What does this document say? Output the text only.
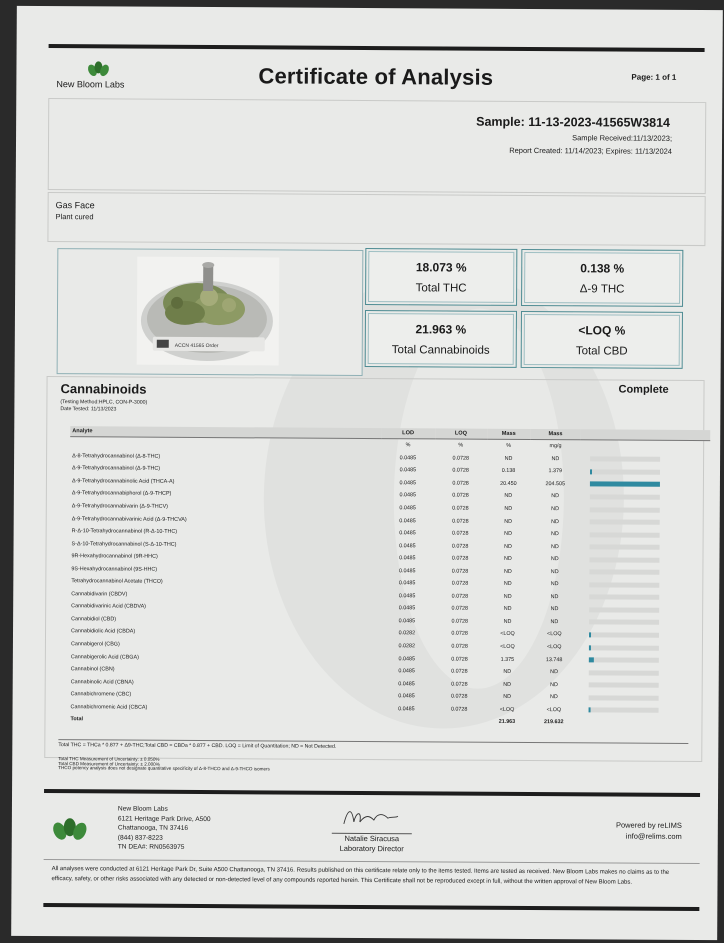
New Bloom Labs	Certificate of Analysis	Page: 1 of 1
Sample: 11-13-2023-41565W3814
Sample Received:11/13/2023;
Report Created: 11/14/2023; Expires: 11/13/2024
Gas Face
Plant cured
ACCN 41565 Order
18.073 %
Total THC
0.138 %
Δ-9 THC
21.963 %
Total Cannabinoids
<LOQ %
Total CBD
Cannabinoids	Complete
(Testing Method:HPLC, CON-P-3000)
Date Tested: 11/13/2023
Analyte	LOD	LOQ	Mass	Mass	
	%	%	%	mg/g	
Δ-8-Tetrahydrocannabinol (Δ-8-THC)	0.0485	0.0728	ND	ND	

Δ-9-Tetrahydrocannabinol (Δ-9-THC)	0.0485	0.0728	0.138	1.379	

Δ-9-Tetrahydrocannabinolic Acid (THCA-A)	0.0485	0.0728	20.450	204.505	

Δ-9-Tetrahydrocannabiphorol (Δ-9-THCP)	0.0485	0.0728	ND	ND	

Δ-9-Tetrahydrocannabivarin (Δ-9-THCV)	0.0485	0.0728	ND	ND	

Δ-9-Tetrahydrocannabivarinic Acid (Δ-9-THCVA)	0.0485	0.0728	ND	ND	

R-Δ-10-Tetrahydrocannabinol (R-Δ-10-THC)	0.0485	0.0728	ND	ND	

S-Δ-10-Tetrahydrocannabinol (S-Δ-10-THC)	0.0485	0.0728	ND	ND	

9R-Hexahydrocannabinol (9R-HHC)	0.0485	0.0728	ND	ND	

9S-Hexahydrocannabinol (9S-HHC)	0.0485	0.0728	ND	ND	

Tetrahydrocannabinol Acetate (THCO)	0.0485	0.0728	ND	ND	

Cannabidivarin (CBDV)	0.0485	0.0728	ND	ND	

Cannabidivarinic Acid (CBDVA)	0.0485	0.0728	ND	ND	

Cannabidiol (CBD)	0.0485	0.0728	ND	ND	

Cannabidiolic Acid (CBDA)	0.0282	0.0728	<LOQ	<LOQ	

Cannabigerol (CBG)	0.0282	0.0728	<LOQ	<LOQ	

Cannabigerolic Acid (CBGA)	0.0485	0.0728	1.375	13.748	

Cannabinol (CBN)	0.0485	0.0728	ND	ND	

Cannabinolic Acid (CBNA)	0.0485	0.0728	ND	ND	

Cannabichromene (CBC)	0.0485	0.0728	ND	ND	

Cannabichromenic Acid (CBCA)	0.0485	0.0728	<LOQ	<LOQ	

Total			21.963	219.632	
Total THC = THCa * 0.877 + Δ9-THC;Total CBD = CBDa * 0.877 + CBD. LOQ = Limit of Quantitation; ND = Not Detected.
Total THC Measurement of Uncertainty: ± 0.050%
Total CBD Measurement of Uncertainty: ± 2.000%
THCO potency analysis does not designate quantitative specificity of Δ-8-THCO and Δ-9-THCO isomers
New Bloom Labs
6121 Heritage Park Drive, A500
Chattanooga, TN 37416
(844) 837-8223
TN DEA#: RN0563975
Natalie Siracusa
Laboratory Director
Powered by reLIMS
info@relims.com
All analyses were conducted at 6121 Heritage Park Dr, Suite A500 Chattanooga, TN 37416. Results published on this certificate relate only to the items tested. Items are tested as received. New Bloom Labs makes no claims as to the efficacy, safety, or other risks associated with any detected or non-detected level of any compounds reported herein. This Certificate shall not be reproduced except in full, without the written approval of New Bloom Labs.
